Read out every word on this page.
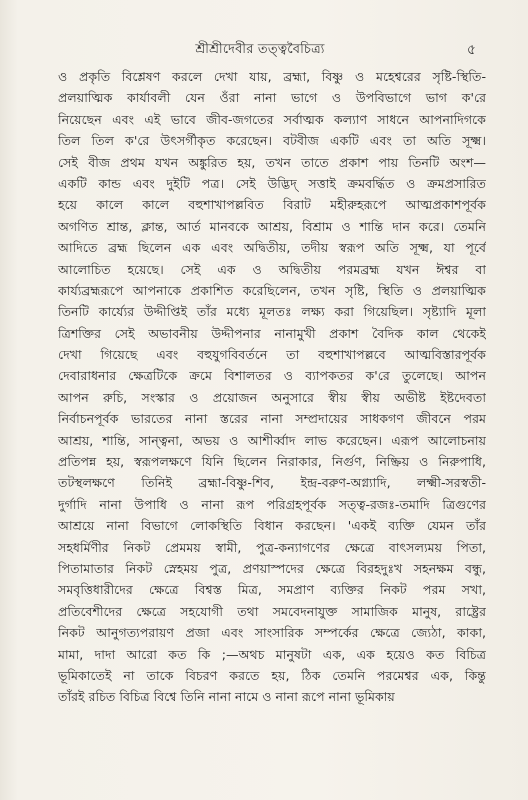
শ্রীশ্রীদেবীর তত্ত্ববৈচিত্র্য	৫
ও প্রকৃতি বিশ্লেষণ করলে দেখা যায়, ব্রহ্মা, বিষ্ণু ও মহেশ্বরের সৃষ্টি-স্থিতি-
প্রলয়াত্মিক কার্যাবলী যেন ওঁরা নানা ভাগে ও উপবিভাগে ভাগ ক'রে
নিয়েছেন এবং এই ভাবে জীব-জগতের সর্বাত্মক কল্যাণ সাধনে আপনাদিগকে
তিল তিল ক'রে উৎসর্গীকৃত করেছেন। বটবীজ একটি এবং তা অতি সূক্ষ্ম।
সেই বীজ প্রথম যখন অঙ্কুরিত হয়, তখন তাতে প্রকাশ পায় তিনটি অংশ—
একটি কান্ড এবং দুইটি পত্র। সেই উদ্ভিদ্ সত্তাই ক্রমবর্দ্ধিত ও ক্রমপ্রসারিত
হয়ে কালে কালে বহুশাখাপল্লবিত বিরাট মহীরুহরূপে আত্মপ্রকাশপূর্বক
অগণিত শ্রান্ত, ক্লান্ত, আর্ত মানবকে আশ্রয়, বিশ্রাম ও শান্তি দান করে। তেমনি
আদিতে ব্রহ্ম ছিলেন এক এবং অদ্বিতীয়, তদীয় স্বরূপ অতি সূক্ষ্ম, যা পূর্বে
আলোচিত হয়েছে। সেই এক ও অদ্বিতীয় পরমব্রহ্ম যখন ঈশ্বর বা
কার্য্যব্রহ্মরূপে আপনাকে প্রকাশিত করেছিলেন, তখন সৃষ্টি, স্থিতি ও প্রলয়াত্মিক
তিনটি কার্য্যের উদ্দীপ্তিই তাঁর মধ্যে মূলতঃ লক্ষ্য করা গিয়েছিল। সৃষ্ট্যাদি মূলা
ত্রিশক্তির সেই অভাবনীয় উদ্দীপনার নানামুখী প্রকাশ বৈদিক কাল থেকেই
দেখা গিয়েছে এবং বহুযুগবিবর্তনে তা বহুশাখাপল্লবে আত্মবিস্তারপূর্বক
দেবারাধনার ক্ষেত্রটিকে ক্রমে বিশালতর ও ব্যাপকতর ক'রে তুলেছে। আপন
আপন রুচি, সংস্কার ও প্রয়োজন অনুসারে স্বীয় স্বীয় অভীষ্ট ইষ্টদেবতা
নির্বাচনপূর্বক ভারতের নানা স্তরের নানা সম্প্রদায়ের সাধকগণ জীবনে পরম
আশ্রয়, শান্তি, সান্ত্বনা, অভয় ও আশীর্ব্বাদ লাভ করেছেন। এরূপ আলোচনায়
প্রতিপন্ন হয়, স্বরূপলক্ষণে যিনি ছিলেন নিরাকার, নির্গুণ, নিষ্ক্রিয় ও নিরুপাধি,
তটস্থলক্ষণে তিনিই ব্রহ্মা-বিষ্ণু-শিব, ইন্দ্র-বরুণ-অগ্ন্যাদি, লক্ষ্মী-সরস্বতী-
দুর্গাদি নানা উপাধি ও নানা রূপ পরিগ্রহপূর্বক সত্ত্ব-রজঃ-তমাদি ত্রিগুণের
আশ্রয়ে নানা বিভাগে লোকস্থিতি বিধান করছেন। 'একই ব্যক্তি যেমন তাঁর
সহধর্মিণীর নিকট প্রেমময় স্বামী, পুত্র-কন্যাগণের ক্ষেত্রে বাৎসল্যময় পিতা,
পিতামাতার নিকট স্নেহময় পুত্র, প্রণয়াস্পদের ক্ষেত্রে বিরহদুঃখ সহনক্ষম বন্ধু,
সমবৃত্তিধারীদের ক্ষেত্রে বিশ্বস্ত মিত্র, সমপ্রাণ ব্যক্তির নিকট পরম সখা,
প্রতিবেশীদের ক্ষেত্রে সহযোগী তথা সমবেদনাযুক্ত সামাজিক মানুষ, রাষ্ট্রের
নিকট আনুগত্যপরায়ণ প্রজা এবং সাংসারিক সম্পর্কের ক্ষেত্রে জ্যেঠা, কাকা,
মামা, দাদা আরো কত কি ;—অথচ মানুষটা এক, এক হয়েও কত বিচিত্র
ভূমিকাতেই না তাকে বিচরণ করতে হয়, ঠিক তেমনি পরমেশ্বর এক, কিন্তু
তাঁরই রচিত বিচিত্র বিশ্বে তিনি নানা নামে ও নানা রূপে নানা ভূমিকায়
